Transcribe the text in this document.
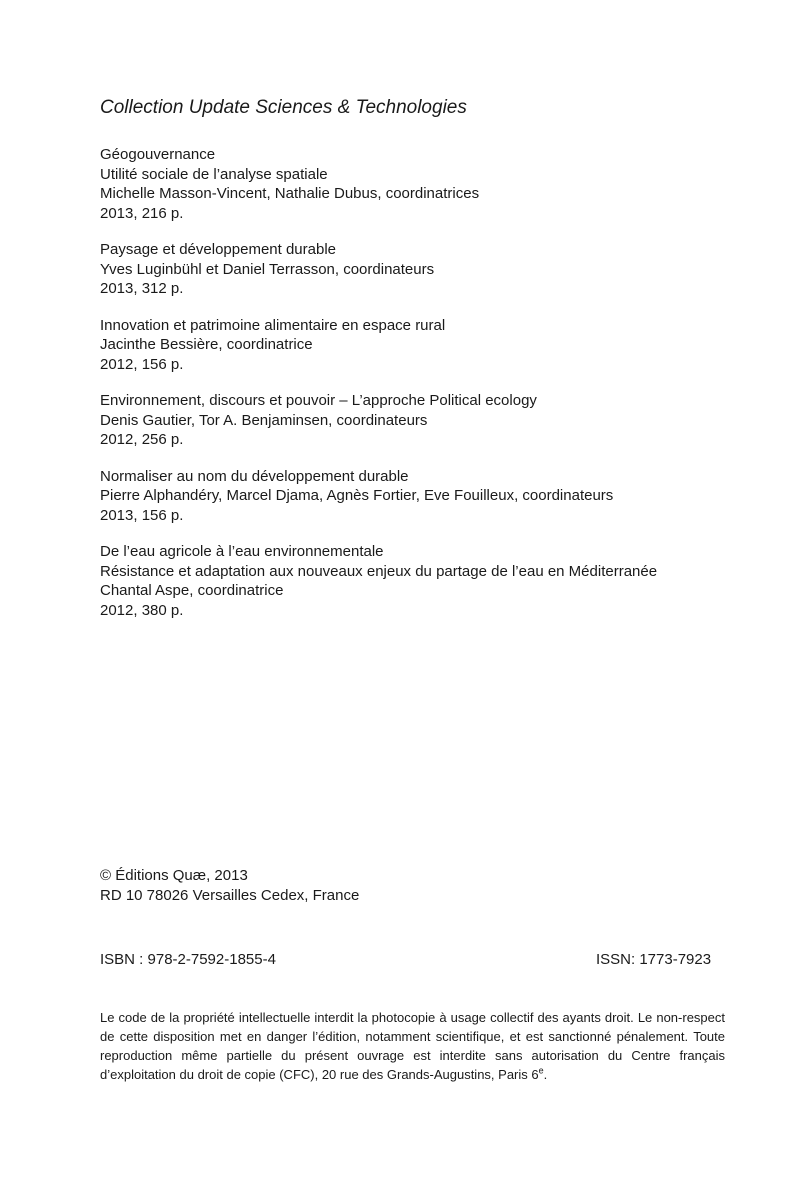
Collection Update Sciences & Technologies
Géogouvernance
Utilité sociale de l’analyse spatiale
Michelle Masson-Vincent, Nathalie Dubus, coordinatrices
2013, 216 p.
Paysage et développement durable
Yves Luginbühl et Daniel Terrasson, coordinateurs
2013, 312 p.
Innovation et patrimoine alimentaire en espace rural
Jacinthe Bessière, coordinatrice
2012, 156 p.
Environnement, discours et pouvoir – L’approche Political ecology
Denis Gautier, Tor A. Benjaminsen, coordinateurs
2012, 256 p.
Normaliser au nom du développement durable
Pierre Alphandéry, Marcel Djama, Agnès Fortier, Eve Fouilleux, coordinateurs
2013, 156 p.
De l’eau agricole à l’eau environnementale
Résistance et adaptation aux nouveaux enjeux du partage de l’eau en Méditerranée
Chantal Aspe, coordinatrice
2012, 380 p.
© Éditions Quæ, 2013
RD 10 78026 Versailles Cedex, France
ISBN : 978-2-7592-1855-4	ISSN: 1773-7923

Le code de la propriété intellectuelle interdit la photocopie à usage collectif des ayants droit. Le non-respect de cette disposition met en danger l’édition, notamment scientifique, et est sanctionné pénalement. Toute reproduction même partielle du présent ouvrage est interdite sans autorisation du Centre français d’exploitation du droit de copie (CFC), 20 rue des Grands-Augustins, Paris 6e.
